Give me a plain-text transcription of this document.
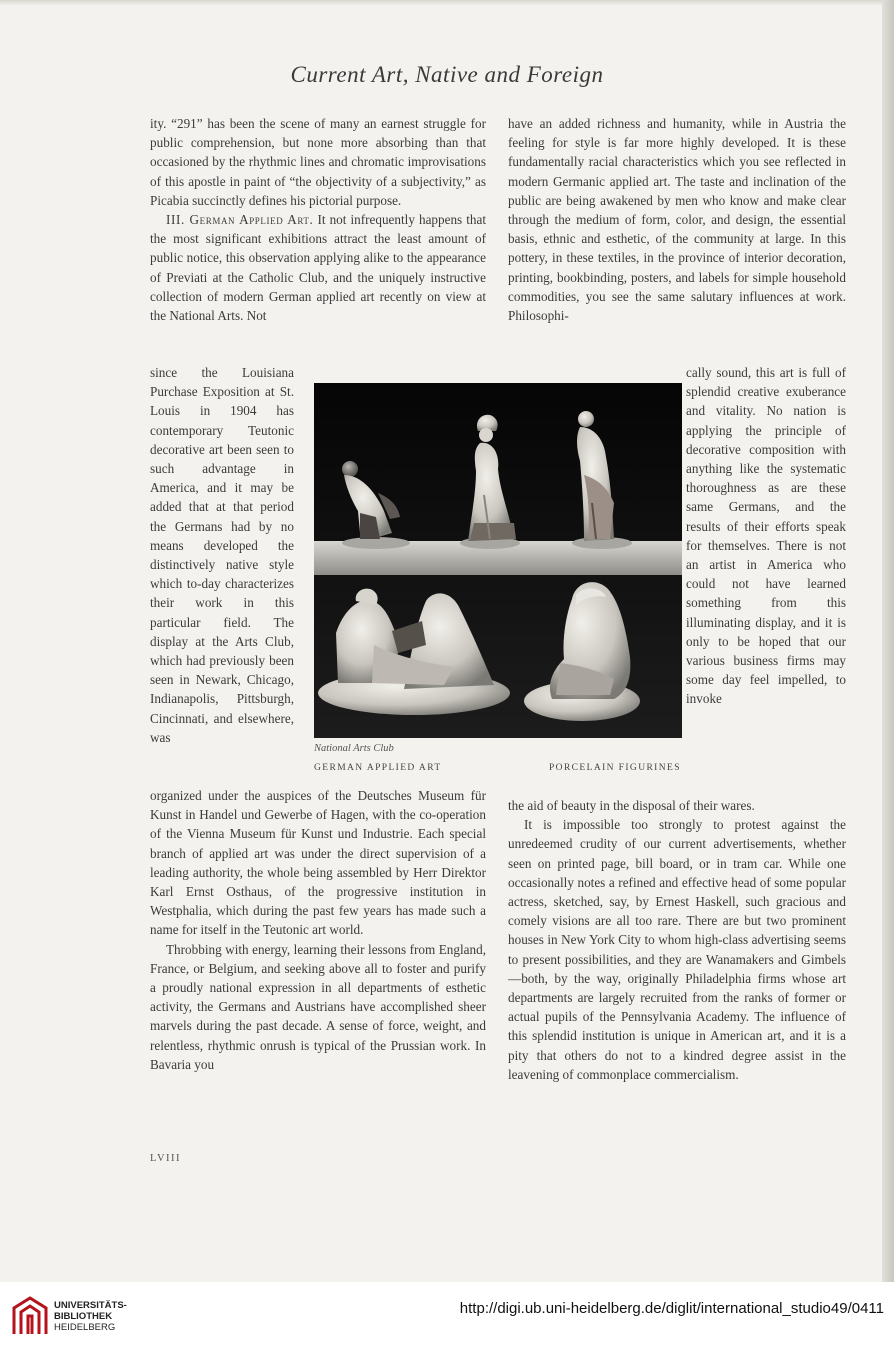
Current Art, Native and Foreign

ity. “291” has been the scene of many an earnest struggle for public comprehension, but none more absorbing than that occasioned by the rhythmic lines and chromatic improvisations of this apostle in paint of “the objectivity of a subjectivity,” as Picabia succinctly defines his pictorial purpose.

III. German Applied Art. It not infrequently happens that the most significant exhibitions attract the least amount of public notice, this observation applying alike to the appearance of Previati at the Catholic Club, and the uniquely instructive collection of modern German applied art recently on view at the National Arts. Not

since the Louisiana Purchase Exposition at St. Louis in 1904 has contemporary Teutonic decorative art been seen to such advantage in America, and it may be added that at that period the Germans had by no means developed the distinctively native style which to-day characterizes their work in this particular field. The display at the Arts Club, which had previously been seen in Newark, Chicago, Indianapolis, Pittsburgh, Cincinnati, and elsewhere, was

organized under the auspices of the Deutsches Museum für Kunst in Handel und Gewerbe of Hagen, with the co-operation of the Vienna Museum für Kunst und Industrie. Each special branch of applied art was under the direct supervision of a leading authority, the whole being assembled by Herr Direktor Karl Ernst Osthaus, of the progressive institution in Westphalia, which during the past few years has made such a name for itself in the Teutonic art world.

Throbbing with energy, learning their lessons from England, France, or Belgium, and seeking above all to foster and purify a proudly national expression in all departments of esthetic activity, the Germans and Austrians have accomplished sheer marvels during the past decade. A sense of force, weight, and relentless, rhythmic onrush is typical of the Prussian work. In Bavaria you

have an added richness and humanity, while in Austria the feeling for style is far more highly developed. It is these fundamentally racial characteristics which you see reflected in modern Germanic applied art. The taste and inclination of the public are being awakened by men who know and make clear through the medium of form, color, and design, the essential basis, ethnic and esthetic, of the community at large. In this pottery, in these textiles, in the province of interior decoration, printing, bookbinding, posters, and labels for simple household commodities, you see the same salutary influences at work. Philosophi-

cally sound, this art is full of splendid creative exuberance and vitality. No nation is applying the principle of decorative composition with anything like the systematic thoroughness as are these same Germans, and the results of their efforts speak for themselves. There is not an artist in America who could not have learned something from this illuminating display, and it is only to be hoped that our various business firms may some day feel impelled, to invoke

the aid of beauty in the disposal of their wares.

It is impossible too strongly to protest against the unredeemed crudity of our current advertisements, whether seen on printed page, bill board, or in tram car. While one occasionally notes a refined and effective head of some popular actress, sketched, say, by Ernest Haskell, such gracious and comely visions are all too rare. There are but two prominent houses in New York City to whom high-class advertising seems to present possibilities, and they are Wanamakers and Gimbels—both, by the way, originally Philadelphia firms whose art departments are largely recruited from the ranks of former or actual pupils of the Pennsylvania Academy. The influence of this splendid institution is unique in American art, and it is a pity that others do not to a kindred degree assist in the leavening of commonplace commercialism.

National Arts Club
GERMAN APPLIED ART	PORCELAIN FIGURINES
LVIII
UNIVERSITÄTS-
BIBLIOTHEK
HEIDELBERG
http://digi.ub.uni-heidelberg.de/diglit/international_studio49/0411
